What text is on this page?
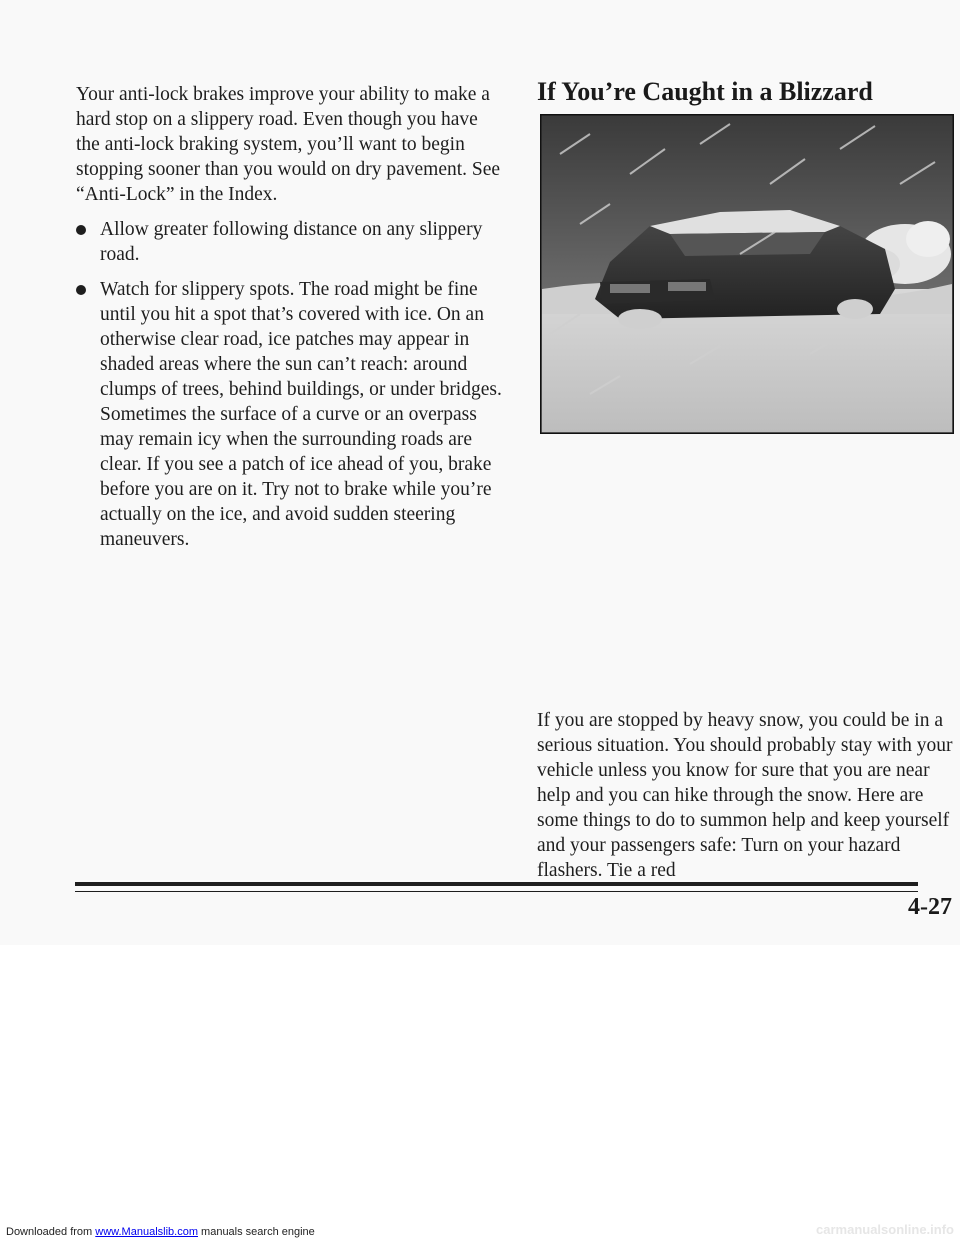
Your anti-lock brakes improve your ability to make a hard stop on a slippery road. Even though you have the anti-lock braking system, you’ll want to begin stopping sooner than you would on dry pavement. See “Anti-Lock” in the Index.

Allow greater following distance on any slippery road.
Watch for slippery spots. The road might be fine until you hit a spot that’s covered with ice. On an otherwise clear road, ice patches may appear in shaded areas where the sun can’t reach: around clumps of trees, behind buildings, or under bridges. Sometimes the surface of a curve or an overpass may remain icy when the surrounding roads are clear. If you see a patch of ice ahead of you, brake before you are on it. Try not to brake while you’re actually on the ice, and avoid sudden steering maneuvers.
If You’re Caught in a Blizzard

If you are stopped by heavy snow, you could be in a serious situation. You should probably stay with your vehicle unless you know for sure that you are near help and you can hike through the snow. Here are some things to do to summon help and keep yourself and your passengers safe: Turn on your hazard flashers. Tie a red

4-27
Downloaded from www.Manualslib.com manuals search engine	carmanualsonline.info
